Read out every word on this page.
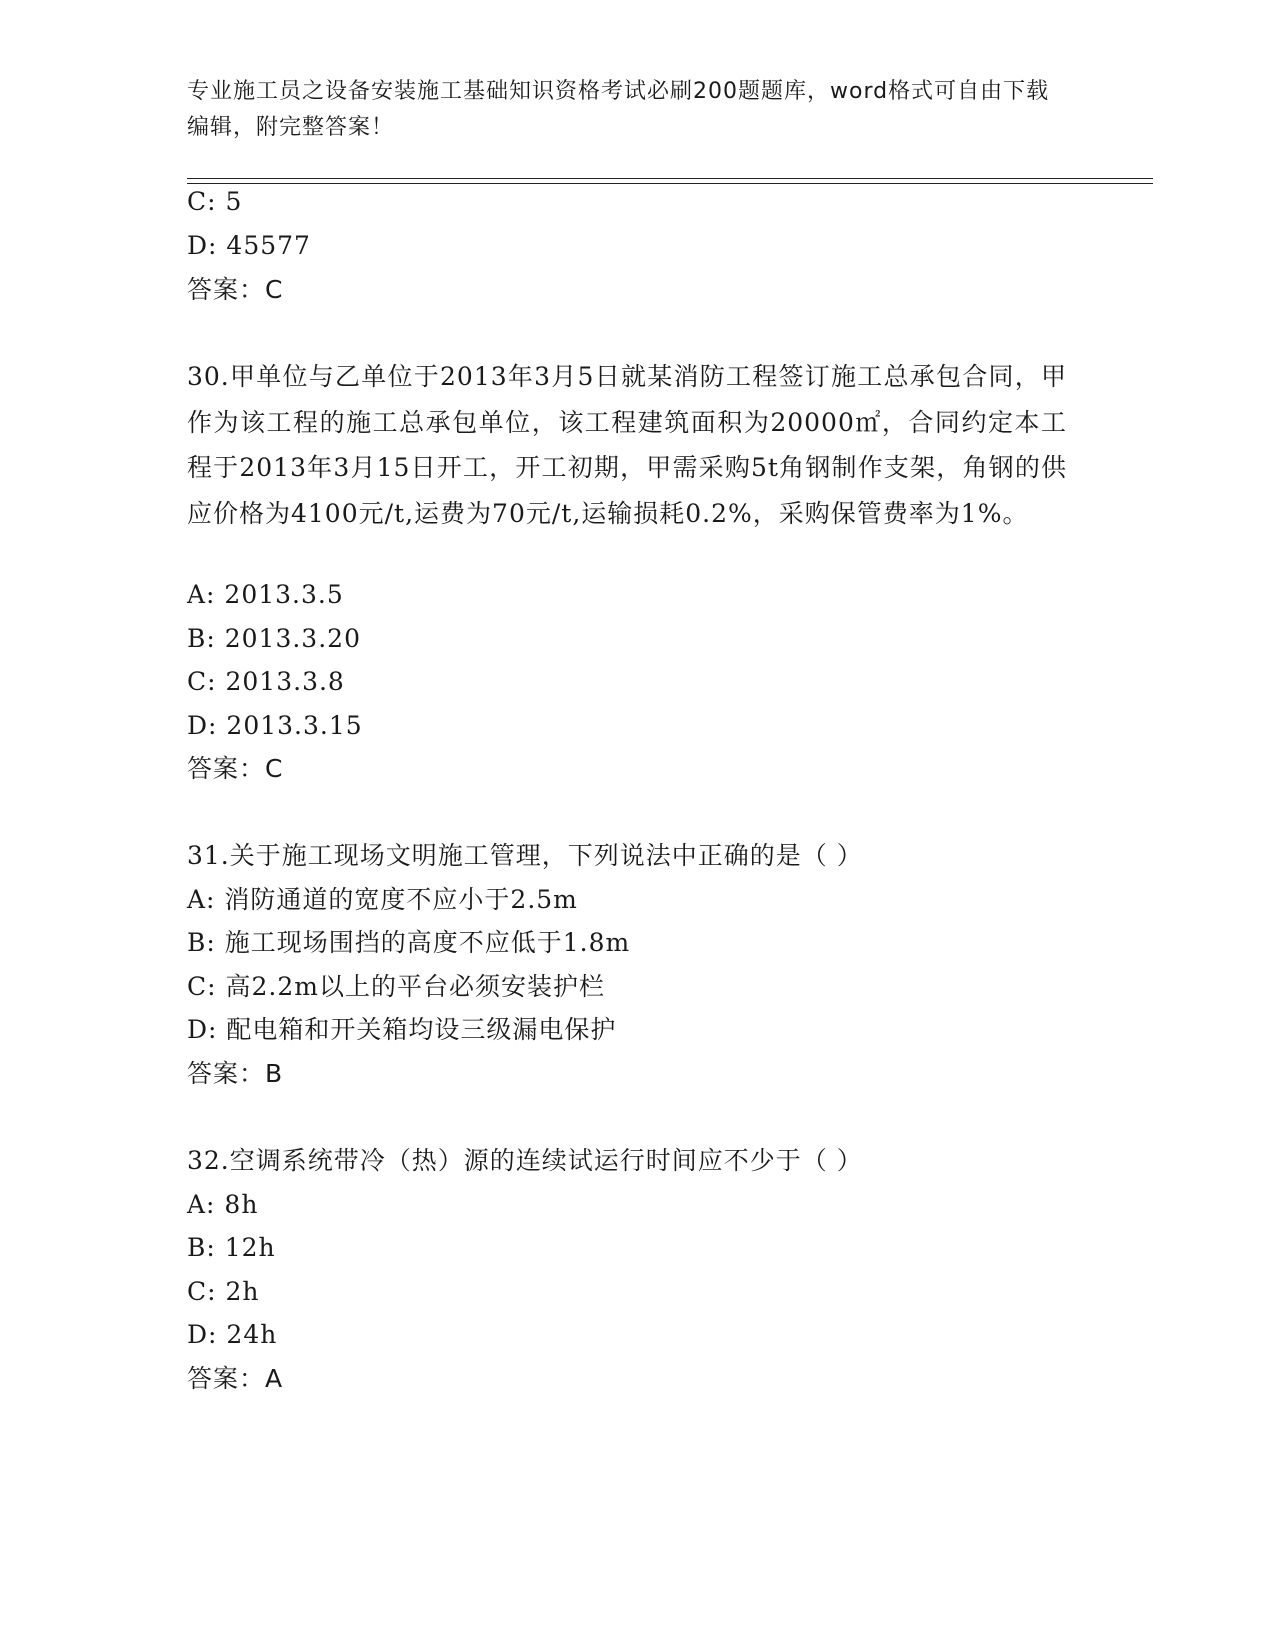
专业施工员之设备安装施工基础知识资格考试必刷200题题库，word格式可自由下载编辑，附完整答案！
C: 5
D: 45577
答案：C
30.甲单位与乙单位于2013年3月5日就某消防工程签订施工总承包合同，甲作为该工程的施工总承包单位，该工程建筑面积为20000㎡，合同约定本工程于2013年3月15日开工，开工初期，甲需采购5t角钢制作支架，角钢的供应价格为4100元/t,运费为70元/t,运输损耗0.2%，采购保管费率为1%。
A: 2013.3.5
B: 2013.3.20
C: 2013.3.8
D: 2013.3.15
答案：C
31.关于施工现场文明施工管理，下列说法中正确的是（ ）
A: 消防通道的宽度不应小于2.5m
B: 施工现场围挡的高度不应低于1.8m
C: 高2.2m以上的平台必须安装护栏
D: 配电箱和开关箱均设三级漏电保护
答案：B
32.空调系统带冷（热）源的连续试运行时间应不少于（ ）
A: 8h
B: 12h
C: 2h
D: 24h
答案：A
